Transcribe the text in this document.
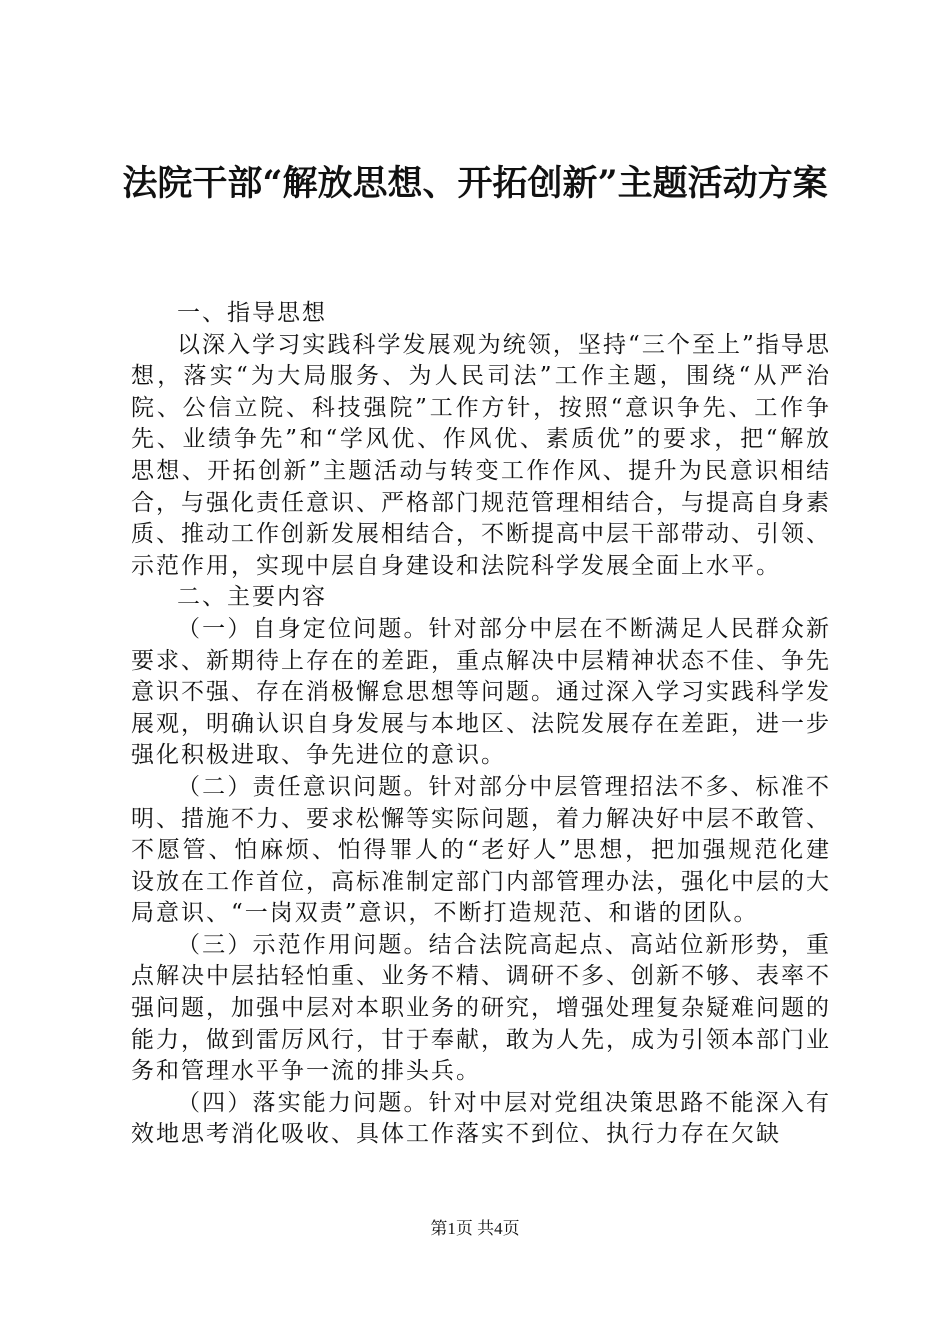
法院干部“解放思想、开拓创新”主题活动方案

一、指导思想

以深入学习实践科学发展观为统领，坚持“三个至上”指导思想，落实“为大局服务、为人民司法”工作主题，围绕“从严治院、公信立院、科技强院”工作方针，按照“意识争先、工作争先、业绩争先”和“学风优、作风优、素质优”的要求，把“解放思想、开拓创新”主题活动与转变工作作风、提升为民意识相结合，与强化责任意识、严格部门规范管理相结合，与提高自身素质、推动工作创新发展相结合，不断提高中层干部带动、引领、示范作用，实现中层自身建设和法院科学发展全面上水平。

二、主要内容

（一）自身定位问题。针对部分中层在不断满足人民群众新要求、新期待上存在的差距，重点解决中层精神状态不佳、争先意识不强、存在消极懈怠思想等问题。通过深入学习实践科学发展观，明确认识自身发展与本地区、法院发展存在差距，进一步强化积极进取、争先进位的意识。

（二）责任意识问题。针对部分中层管理招法不多、标准不明、措施不力、要求松懈等实际问题，着力解决好中层不敢管、不愿管、怕麻烦、怕得罪人的“老好人”思想，把加强规范化建设放在工作首位，高标准制定部门内部管理办法，强化中层的大局意识、“一岗双责”意识，不断打造规范、和谐的团队。

（三）示范作用问题。结合法院高起点、高站位新形势，重点解决中层拈轻怕重、业务不精、调研不多、创新不够、表率不强问题，加强中层对本职业务的研究，增强处理复杂疑难问题的能力，做到雷厉风行，甘于奉献，敢为人先，成为引领本部门业务和管理水平争一流的排头兵。

（四）落实能力问题。针对中层对党组决策思路不能深入有效地思考消化吸收、具体工作落实不到位、执行力存在欠缺

第1页 共4页
